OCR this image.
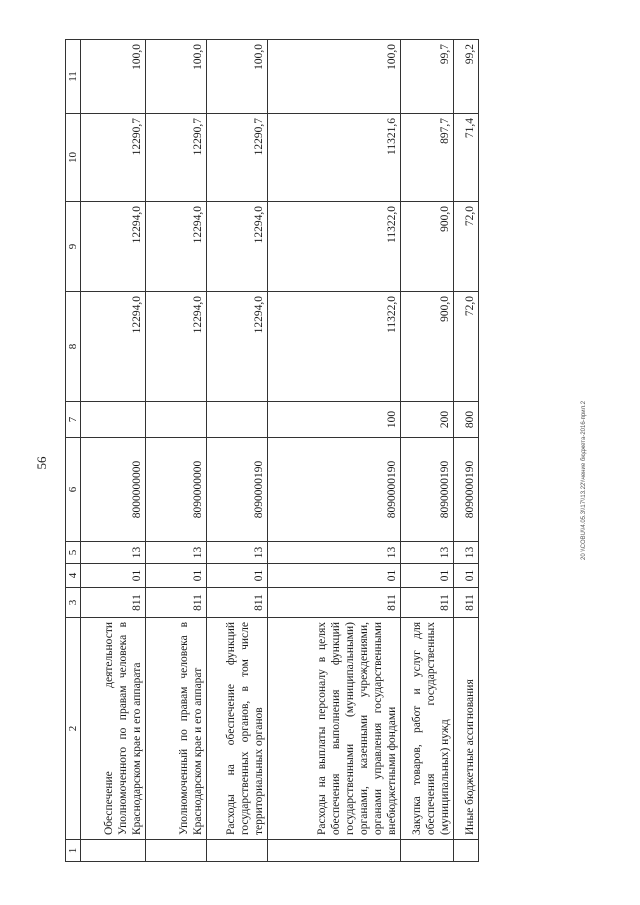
56
1	2	3	4	5	6	7	8	9	10	11
	Обеспечение деятельности Уполномоченного по правам человека в Краснодарском крае и его аппарата	811	01	13	8000000000		12294,0	12294,0	12290,7	100,0
	Уполномоченный по правам человека в Краснодарском крае и его аппарат	811	01	13	8090000000		12294,0	12294,0	12290,7	100,0
	Расходы на обеспечение функций государственных органов, в том числе территориальных органов	811	01	13	8090000190		12294,0	12294,0	12290,7	100,0
	Расходы на выплаты персоналу в целях обеспечения выполнения функций государственными (муниципальными) органами, казенными учреждениями, органами управления государственными внебюджетными фондами	811	01	13	8090000190	100	11322,0	11322,0	11321,6	100,0
	Закупка товаров, работ и услуг для обеспечения государственных (муниципальных) нужд	811	01	13	8090000190	200	900,0	900,0	897,7	99,7
	Иные бюджетные ассигнования	811	01	13	8090000190	800	72,0	72,0	71,4	99,2
20 \\COBU\\4.05.3\\17\\13.22\\чение бюджета-2016-прил.2
